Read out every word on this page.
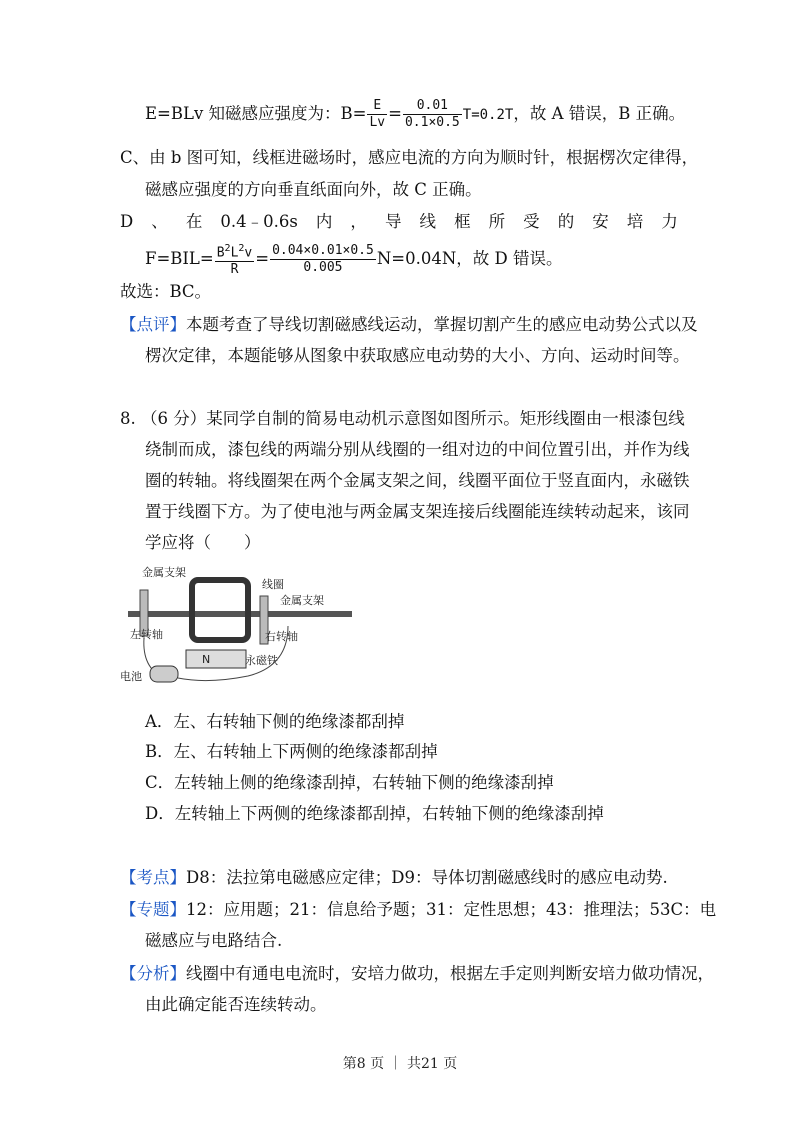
E=BLv 知磁感应强度为：$B= \frac{E}{Lv} = \frac{0.01}{0.1\times 0.5} T=0.2T$，故 A 错误，B 正确。
C、由 b 图可知，线框进磁场时，感应电流的方向为顺时针，根据楞次定律得，
磁感应强度的方向垂直纸面向外，故 C 正确。
D 、 在 0.4﹣0.6s 内 ， 导 线 框 所 受 的 安 培 力
$F=BIL= \frac{B^2L^2v}{R} = \frac{0.04\times 0.01\times 0.5}{0.005} N=0.04N$，故 D 错误。
故选：BC。
【点评】本题考查了导线切割磁感线运动，掌握切割产生的感应电动势公式以及
楞次定律，本题能够从图象中获取感应电动势的大小、方向、运动时间等。
8. （6 分）某同学自制的简易电动机示意图如图所示。矩形线圈由一根漆包线
绕制而成，漆包线的两端分别从线圈的一组对边的中间位置引出，并作为线
圈的转轴。将线圈架在两个金属支架之间，线圈平面位于竖直面内，永磁铁
置于线圈下方。为了使电池与两金属支架连接后线圈能连续转动起来，该同
学应将（　　）
金属支架
线圈
金属支架
左转轴	右转轴
N	永磁铁
电池
A．左、右转轴下侧的绝缘漆都刮掉
B．左、右转轴上下两侧的绝缘漆都刮掉
C．左转轴上侧的绝缘漆刮掉，右转轴下侧的绝缘漆刮掉
D．左转轴上下两侧的绝缘漆都刮掉，右转轴下侧的绝缘漆刮掉
【考点】D8：法拉第电磁感应定律；D9：导体切割磁感线时的感应电动势.
【专题】12：应用题；21：信息给予题；31：定性思想；43：推理法；53C：电
磁感应与电路结合.
【分析】线圈中有通电电流时，安培力做功，根据左手定则判断安培力做功情况，
由此确定能否连续转动。
第8 页 ｜ 共21 页
